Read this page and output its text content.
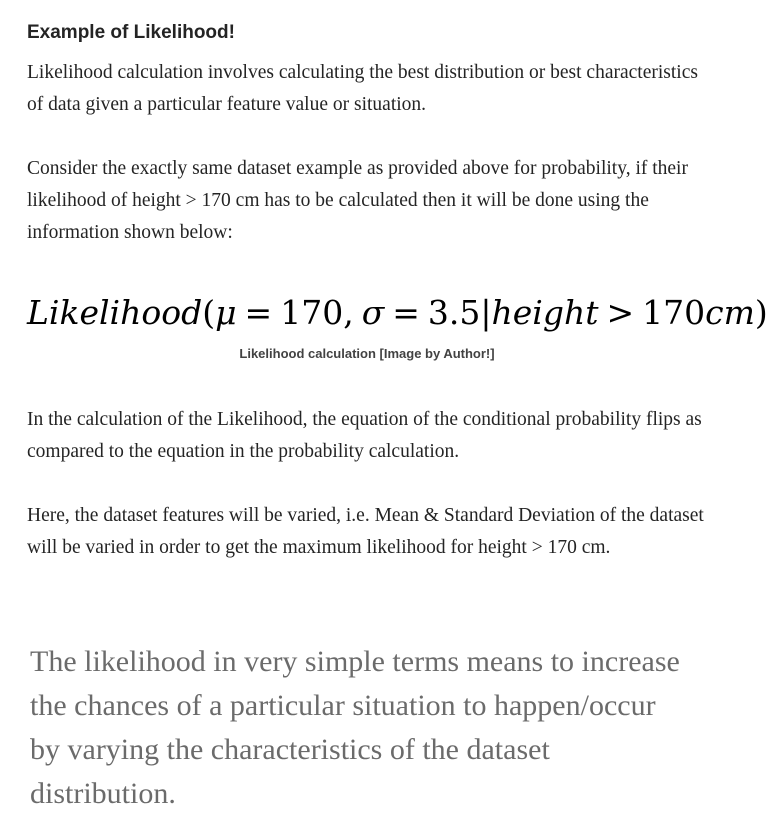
Example of Likelihood!

Likelihood calculation involves calculating the best distribution or best characteristics of data given a particular feature value or situation.

Consider the exactly same dataset example as provided above for probability, if their likelihood of height > 170 cm has to be calculated then it will be done using the information shown below:

Likelihood(μ = 170, σ = 3.5|height > 170cm)

Likelihood calculation [Image by Author!]

In the calculation of the Likelihood, the equation of the conditional probability flips as compared to the equation in the probability calculation.

Here, the dataset features will be varied, i.e. Mean & Standard Deviation of the dataset will be varied in order to get the maximum likelihood for height > 170 cm.

The likelihood in very simple terms means to increase the chances of a particular situation to happen/occur by varying the characteristics of the dataset distribution.
